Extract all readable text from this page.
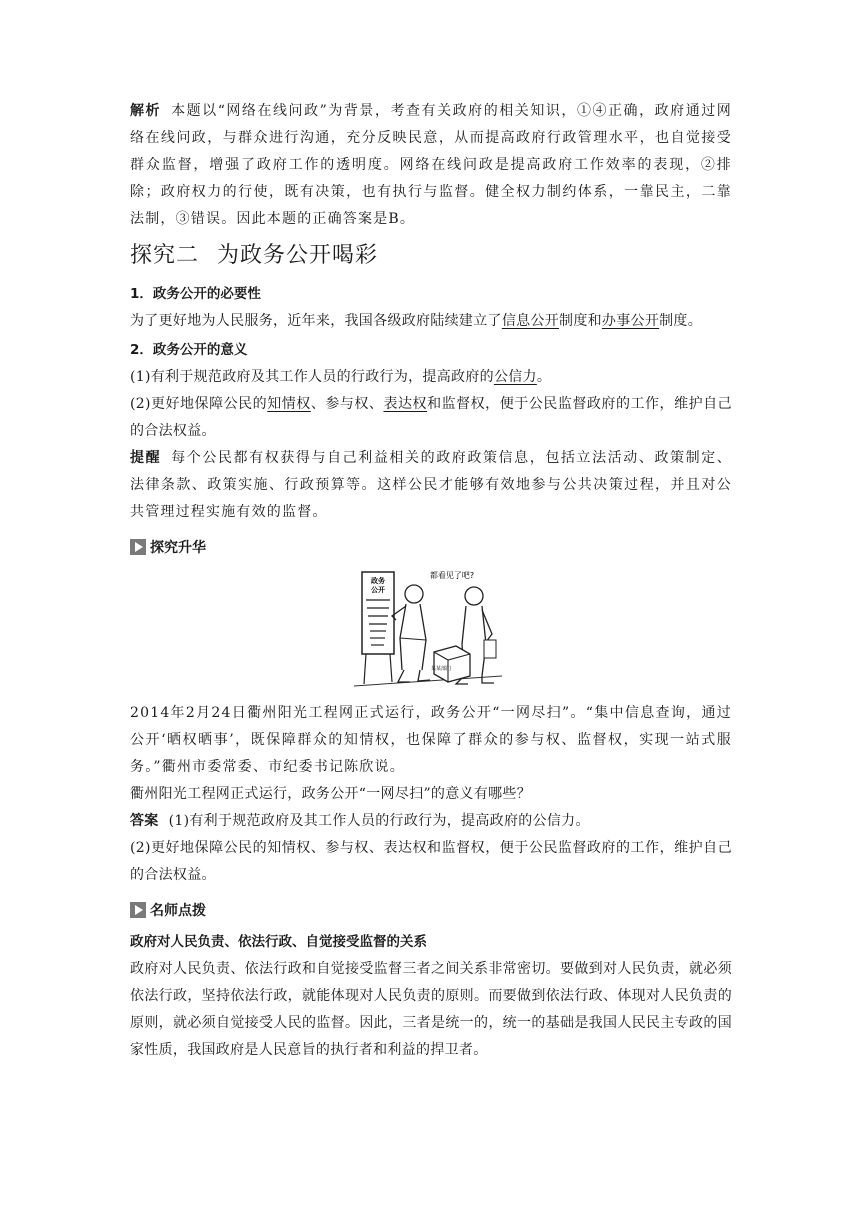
解析 本题以“网络在线问政”为背景，考查有关政府的相关知识，①④正确，政府通过网络在线问政，与群众进行沟通，充分反映民意，从而提高政府行政管理水平，也自觉接受群众监督，增强了政府工作的透明度。网络在线问政是提高政府工作效率的表现，②排除；政府权力的行使，既有决策，也有执行与监督。健全权力制约体系，一靠民主，二靠法制，③错误。因此本题的正确答案是B。

探究二 为政务公开喝彩

1．政务公开的必要性

为了更好地为人民服务，近年来，我国各级政府陆续建立了信息公开制度和办事公开制度。

2．政务公开的意义

(1)有利于规范政府及其工作人员的行政行为，提高政府的公信力。

(2)更好地保障公民的知情权、参与权、表达权和监督权，便于公民监督政府的工作，维护自己的合法权益。

提醒 每个公民都有权获得与自己利益相关的政府政策信息，包括立法活动、政策制定、法律条款、政策实施、行政预算等。这样公民才能够有效地参与公共决策过程，并且对公共管理过程实施有效的监督。

探究升华
政务
公开
都看见了吧?
某某部门

2014年2月24日衢州阳光工程网正式运行，政务公开“一网尽扫”。“集中信息查询，通过公开‘晒权晒事’，既保障群众的知情权，也保障了群众的参与权、监督权，实现一站式服务。”衢州市委常委、市纪委书记陈欣说。

衢州阳光工程网正式运行，政务公开“一网尽扫”的意义有哪些？

答案 (1)有利于规范政府及其工作人员的行政行为，提高政府的公信力。

(2)更好地保障公民的知情权、参与权、表达权和监督权，便于公民监督政府的工作，维护自己的合法权益。

名师点拨

政府对人民负责、依法行政、自觉接受监督的关系

政府对人民负责、依法行政和自觉接受监督三者之间关系非常密切。要做到对人民负责，就必须依法行政，坚持依法行政，就能体现对人民负责的原则。而要做到依法行政、体现对人民负责的原则，就必须自觉接受人民的监督。因此，三者是统一的，统一的基础是我国人民民主专政的国家性质，我国政府是人民意旨的执行者和利益的捍卫者。
